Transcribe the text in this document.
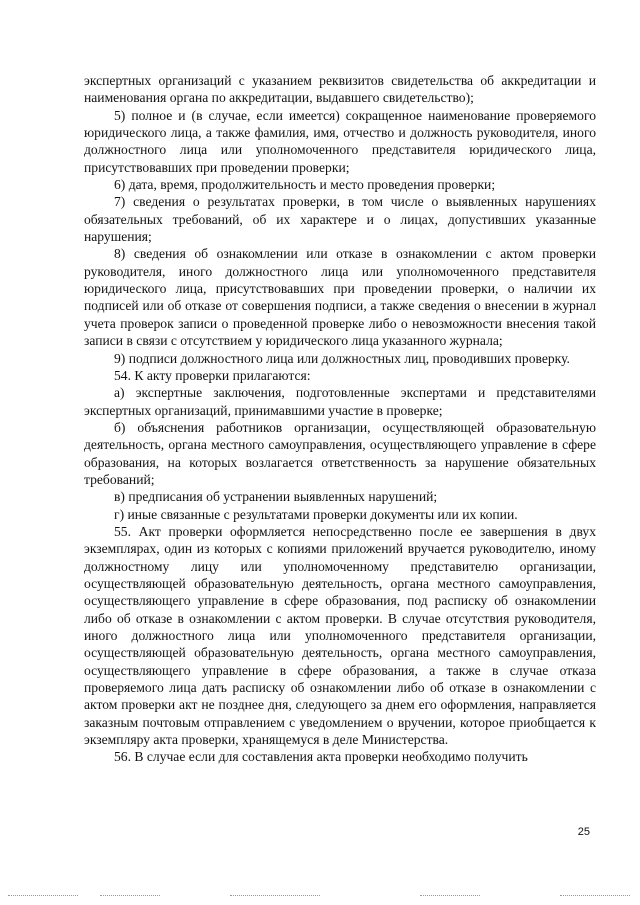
экспертных организаций с указанием реквизитов свидетельства об аккредитации и наименования органа по аккредитации, выдавшего свидетельство);

5) полное и (в случае, если имеется) сокращенное наименование проверяемого юридического лица, а также фамилия, имя, отчество и должность руководителя, иного должностного лица или уполномоченного представителя юридического лица, присутствовавших при проведении проверки;

6) дата, время, продолжительность и место проведения проверки;

7) сведения о результатах проверки, в том числе о выявленных нарушениях обязательных требований, об их характере и о лицах, допустивших указанные нарушения;

8) сведения об ознакомлении или отказе в ознакомлении с актом проверки руководителя, иного должностного лица или уполномоченного представителя юридического лица, присутствовавших при проведении проверки, о наличии их подписей или об отказе от совершения подписи, а также сведения о внесении в журнал учета проверок записи о проведенной проверке либо о невозможности внесения такой записи в связи с отсутствием у юридического лица указанного журнала;

9) подписи должностного лица или должностных лиц, проводивших проверку.

54. К акту проверки прилагаются:

а) экспертные заключения, подготовленные экспертами и представителями экспертных организаций, принимавшими участие в проверке;

б) объяснения работников организации, осуществляющей образовательную деятельность, органа местного самоуправления, осуществляющего управление в сфере образования, на которых возлагается ответственность за нарушение обязательных требований;

в) предписания об устранении выявленных нарушений;

г) иные связанные с результатами проверки документы или их копии.

55. Акт проверки оформляется непосредственно после ее завершения в двух экземплярах, один из которых с копиями приложений вручается руководителю, иному должностному лицу или уполномоченному представителю организации, осуществляющей образовательную деятельность, органа местного самоуправления, осуществляющего управление в сфере образования, под расписку об ознакомлении либо об отказе в ознакомлении с актом проверки. В случае отсутствия руководителя, иного должностного лица или уполномоченного представителя организации, осуществляющей образовательную деятельность, органа местного самоуправления, осуществляющего управление в сфере образования, а также в случае отказа проверяемого лица дать расписку об ознакомлении либо об отказе в ознакомлении с актом проверки акт не позднее дня, следующего за днем его оформления, направляется заказным почтовым отправлением с уведомлением о вручении, которое приобщается к экземпляру акта проверки, хранящемуся в деле Министерства.

56. В случае если для составления акта проверки необходимо получить

25
